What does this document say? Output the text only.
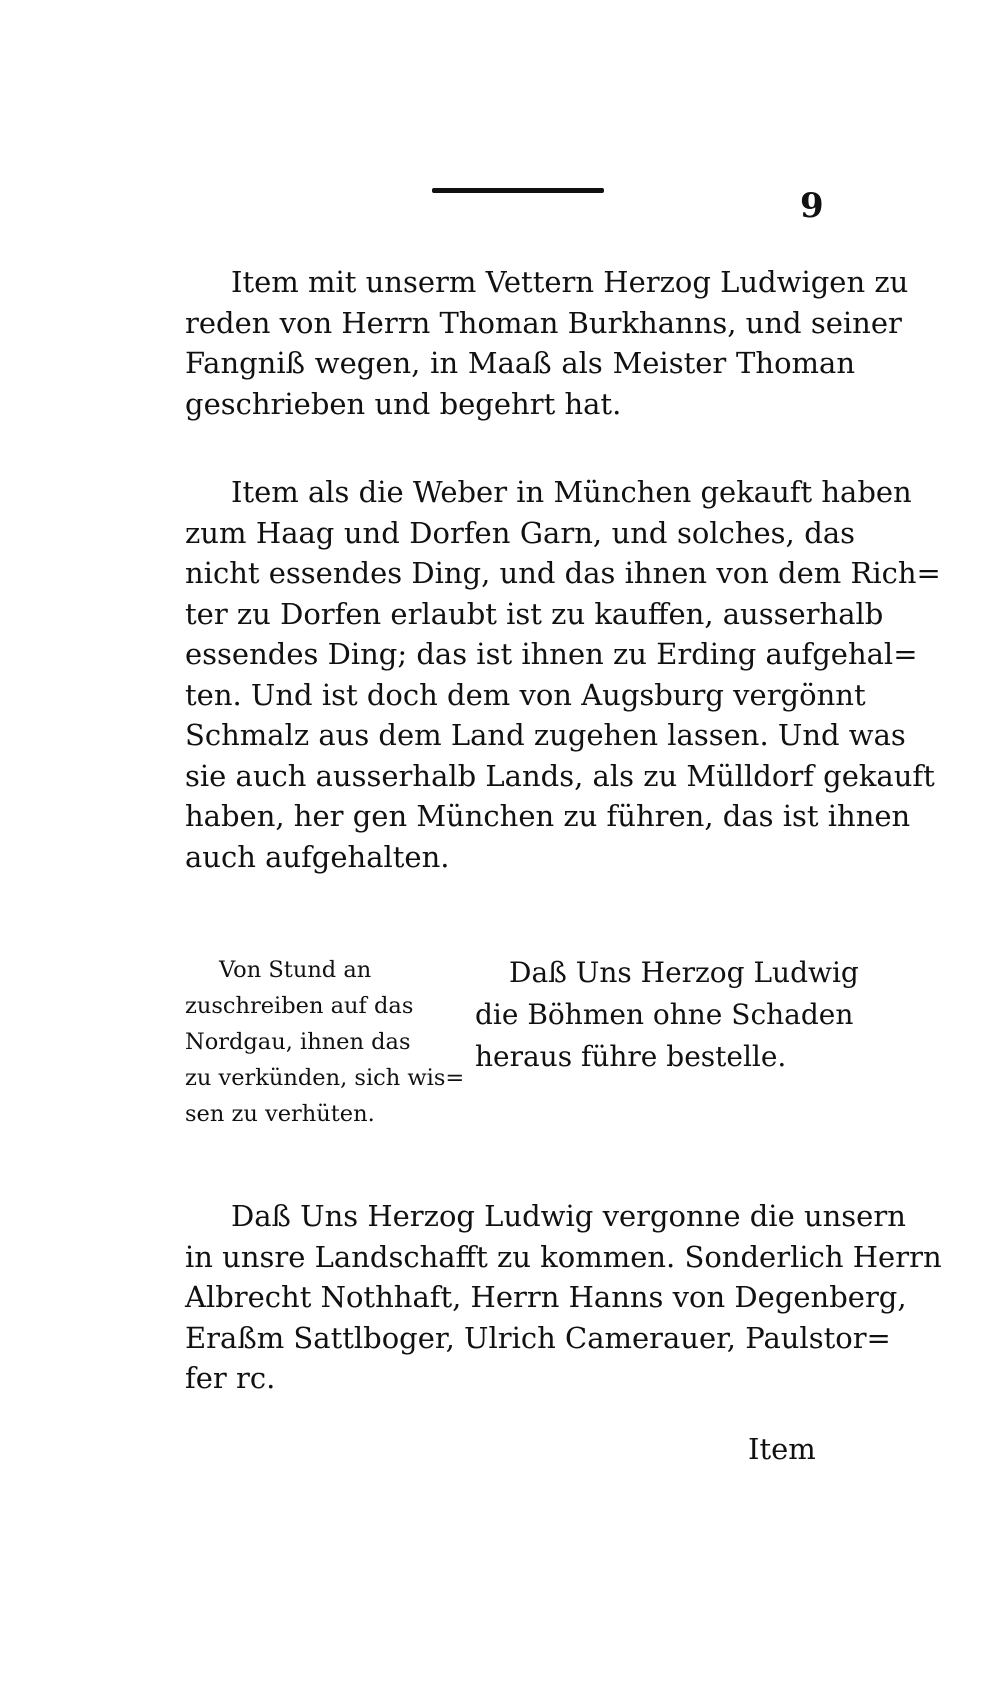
9
Item mit unserm Vettern Herzog Ludwigen zu
reden von Herrn Thoman Burkhanns, und seiner
Fangniß wegen, in Maaß als Meister Thoman
geschrieben und begehrt hat.
Item als die Weber in München gekauft haben
zum Haag und Dorfen Garn, und solches, das
nicht essendes Ding, und das ihnen von dem Rich=
ter zu Dorfen erlaubt ist zu kauffen, ausserhalb
essendes Ding; das ist ihnen zu Erding aufgehal=
ten. Und ist doch dem von Augsburg vergönnt
Schmalz aus dem Land zugehen lassen. Und was
sie auch ausserhalb Lands, als zu Mülldorf gekauft
haben, her gen München zu führen, das ist ihnen
auch aufgehalten.
Von Stund an
zuschreiben auf das
Nordgau, ihnen das
zu verkünden, sich wis=
sen zu verhüten.
Daß Uns Herzog Ludwig
die Böhmen ohne Schaden
heraus führe bestelle.
Daß Uns Herzog Ludwig vergonne die unsern
in unsre Landschafft zu kommen. Sonderlich Herrn
Albrecht Nothhaft, Herrn Hanns von Degenberg,
Eraßm Sattlboger, Ulrich Camerauer, Paulstor=
fer rc.
Item
